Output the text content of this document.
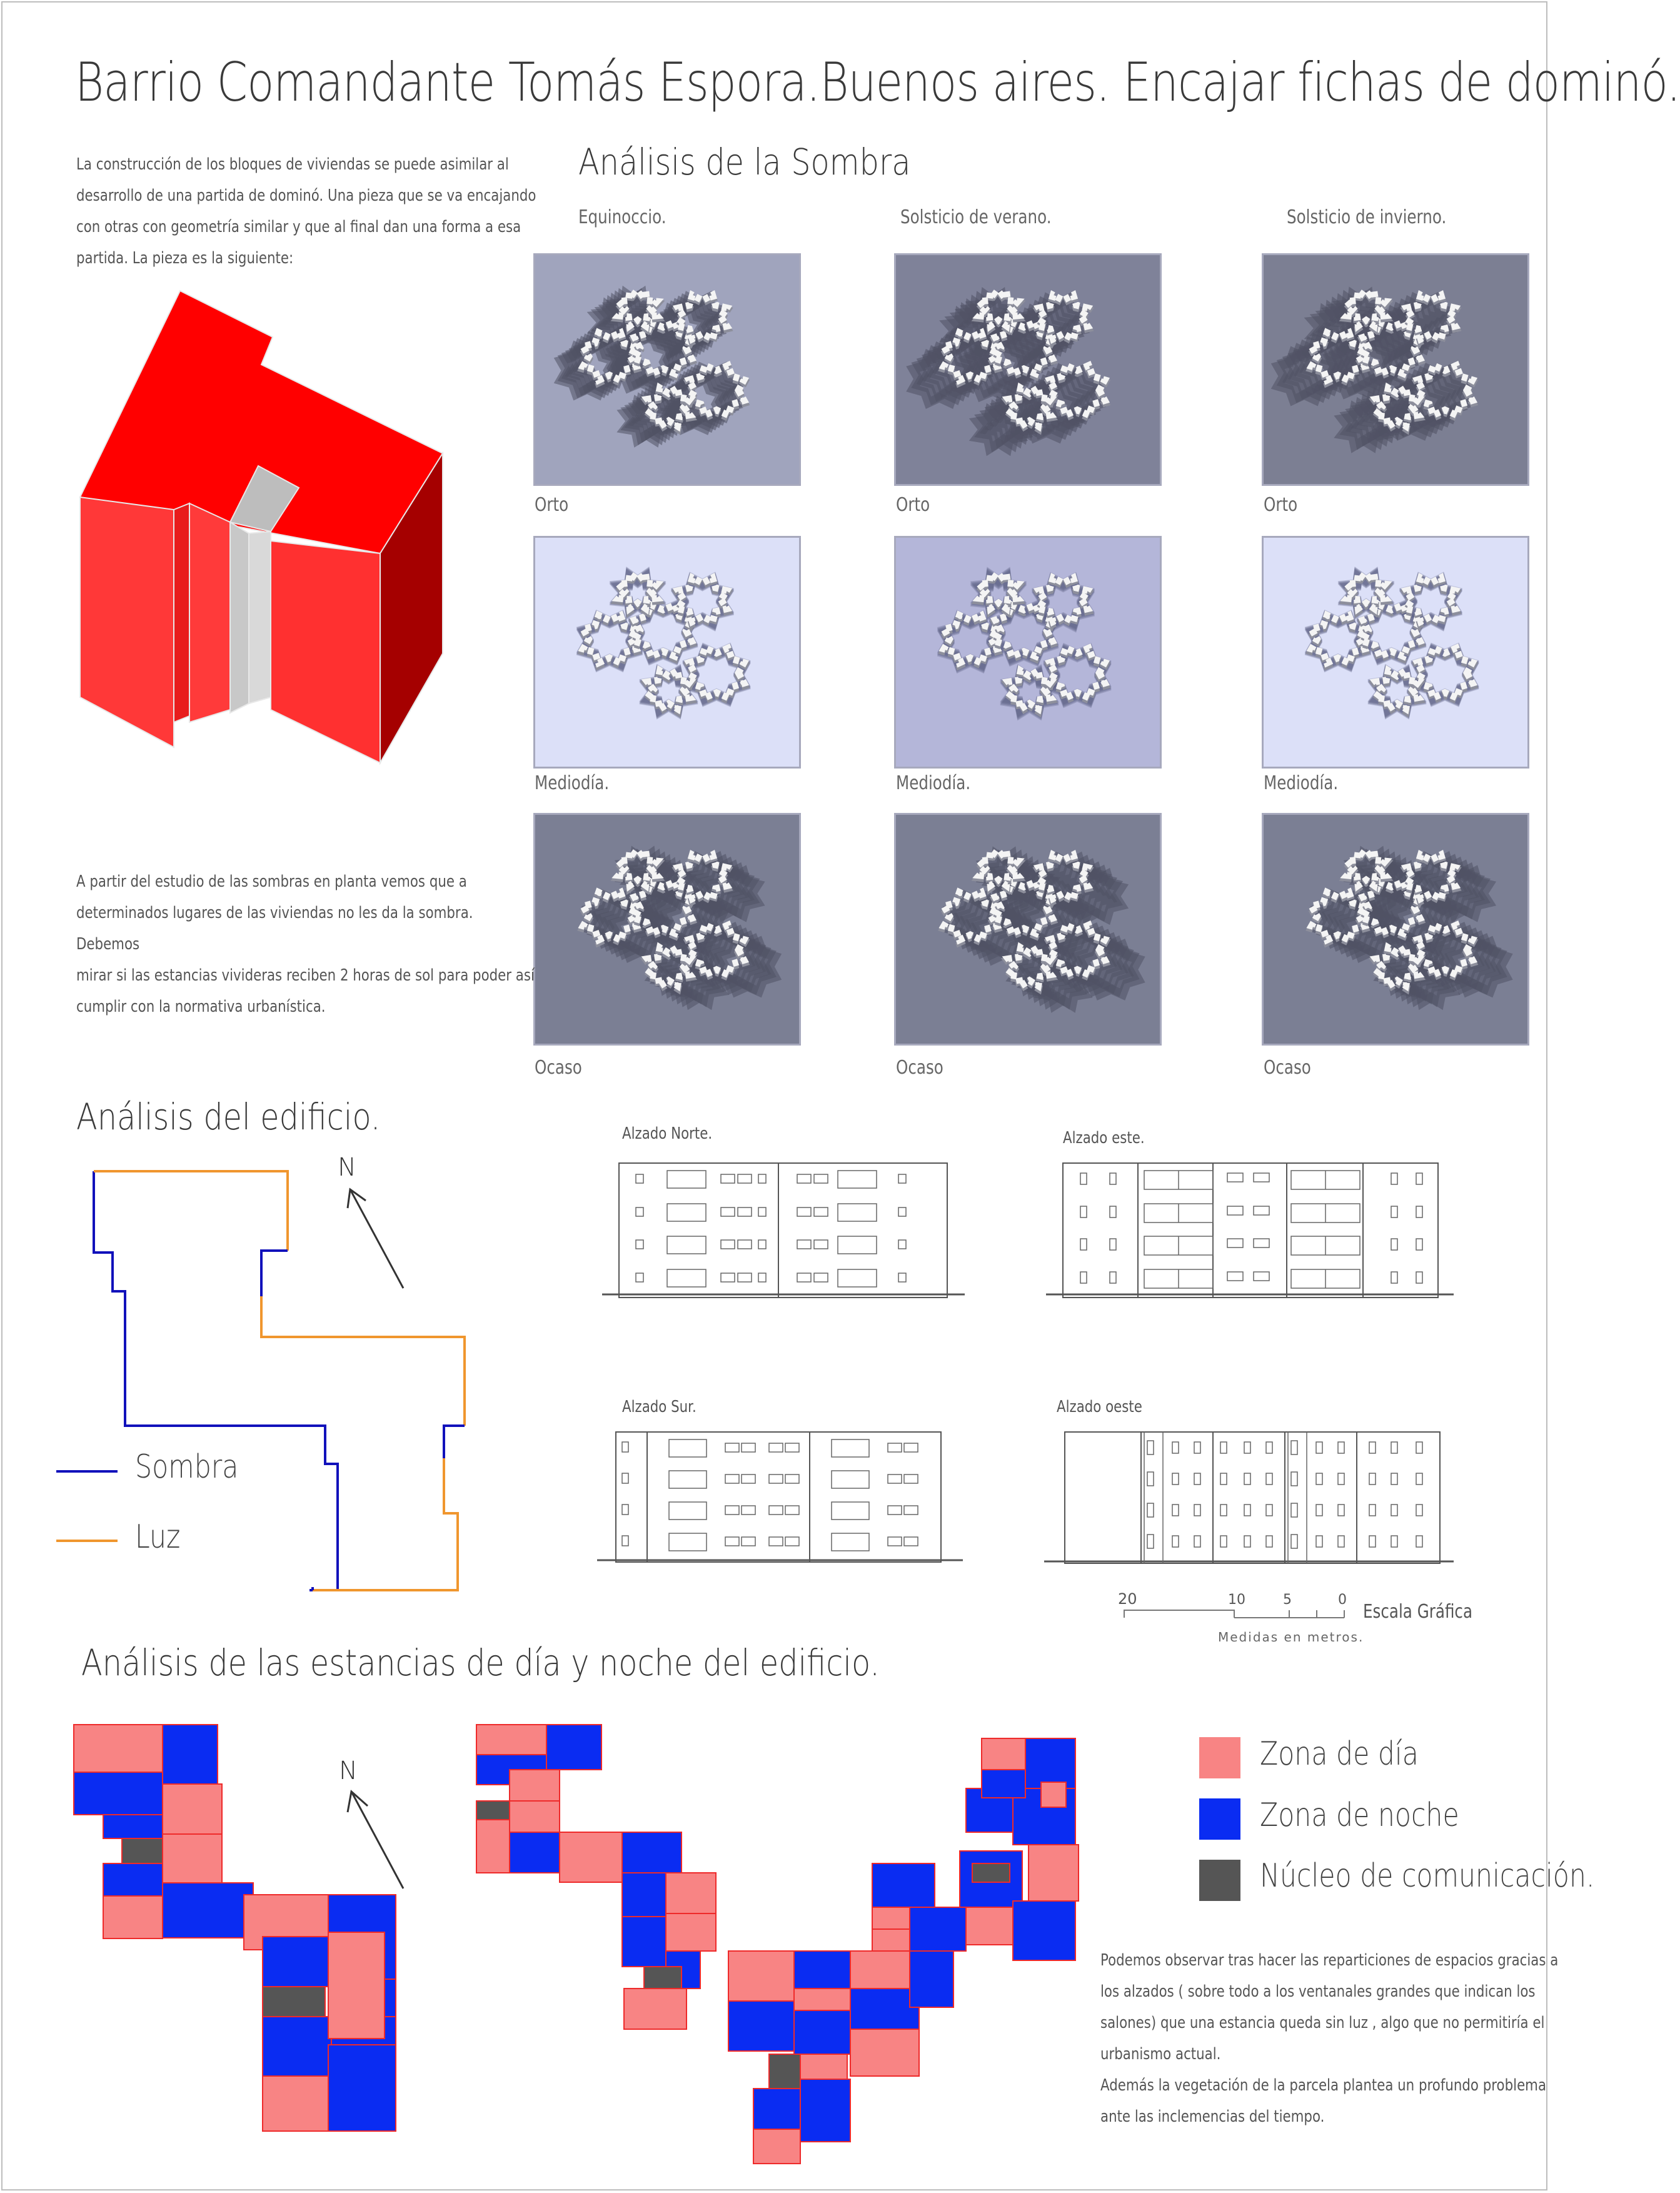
Barrio Comandante Tomás Espora.Buenos aires. Encajar fichas de dominó.
La construcción de los bloques de viviendas se puede asimilar al
desarrollo de una partida de dominó. Una pieza que se va encajando
con otras con geometría similar y que al final dan una forma a esa
partida. La pieza es la siguiente:
Análisis de la Sombra
Equinoccio.	Solsticio de verano.	Solsticio de invierno.
Orto	Orto	Orto
Mediodía.	Mediodía.	Mediodía.
Ocaso	Ocaso	Ocaso
A partir del estudio de las sombras en planta vemos que a
determinados lugares de las viviendas no les da la sombra. Debemos
mirar si las estancias vivideras reciben 2 horas de sol para poder así
cumplir con la normativa urbanística.
Análisis del edificio.
N
Sombra
Luz
Alzado Norte.	Alzado este.
Alzado Sur.	Alzado oeste
20	10	5	0
Medidas en metros.
Escala Gráfica
Análisis de las estancias de día y noche del edificio.
N	Zona de día
Zona de noche
Núcleo de comunicación.
Podemos observar tras hacer las reparticiones de espacios gracias a
los alzados ( sobre todo a los ventanales grandes que indican los
salones) que una estancia queda sin luz , algo que no permitiría el
urbanismo actual.
Además la vegetación de la parcela plantea un profundo problema
ante las inclemencias del tiempo.
